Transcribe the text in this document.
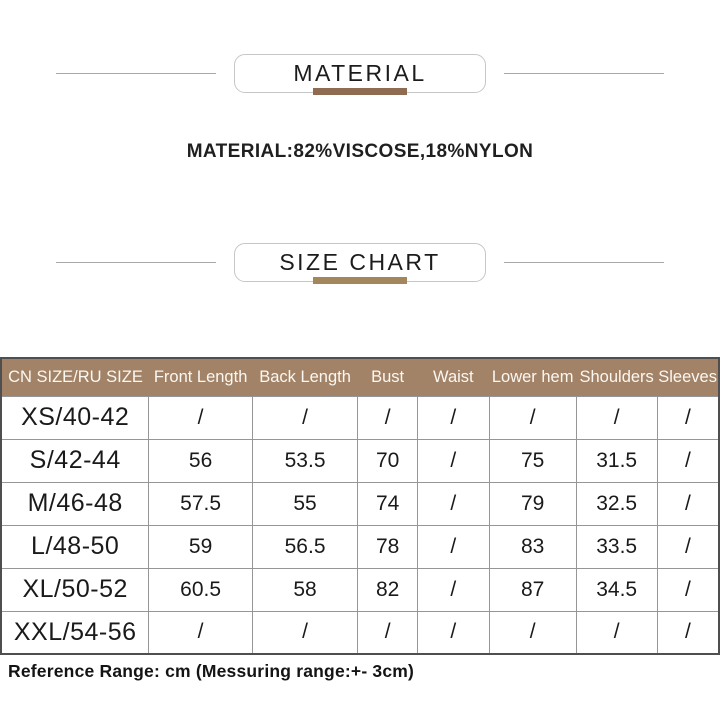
MATERIAL
MATERIAL:82%VISCOSE,18%NYLON
SIZE CHART
CN SIZE/RU SIZE	Front Length	Back Length	Bust	Waist	Lower hem	Shoulders	Sleeves
XS/40-42	/	/	/	/	/	/	/
S/42-44	56	53.5	70	/	75	31.5	/
M/46-48	57.5	55	74	/	79	32.5	/
L/48-50	59	56.5	78	/	83	33.5	/
XL/50-52	60.5	58	82	/	87	34.5	/
XXL/54-56	/	/	/	/	/	/	/
Reference Range: cm (Messuring range:+- 3cm)
